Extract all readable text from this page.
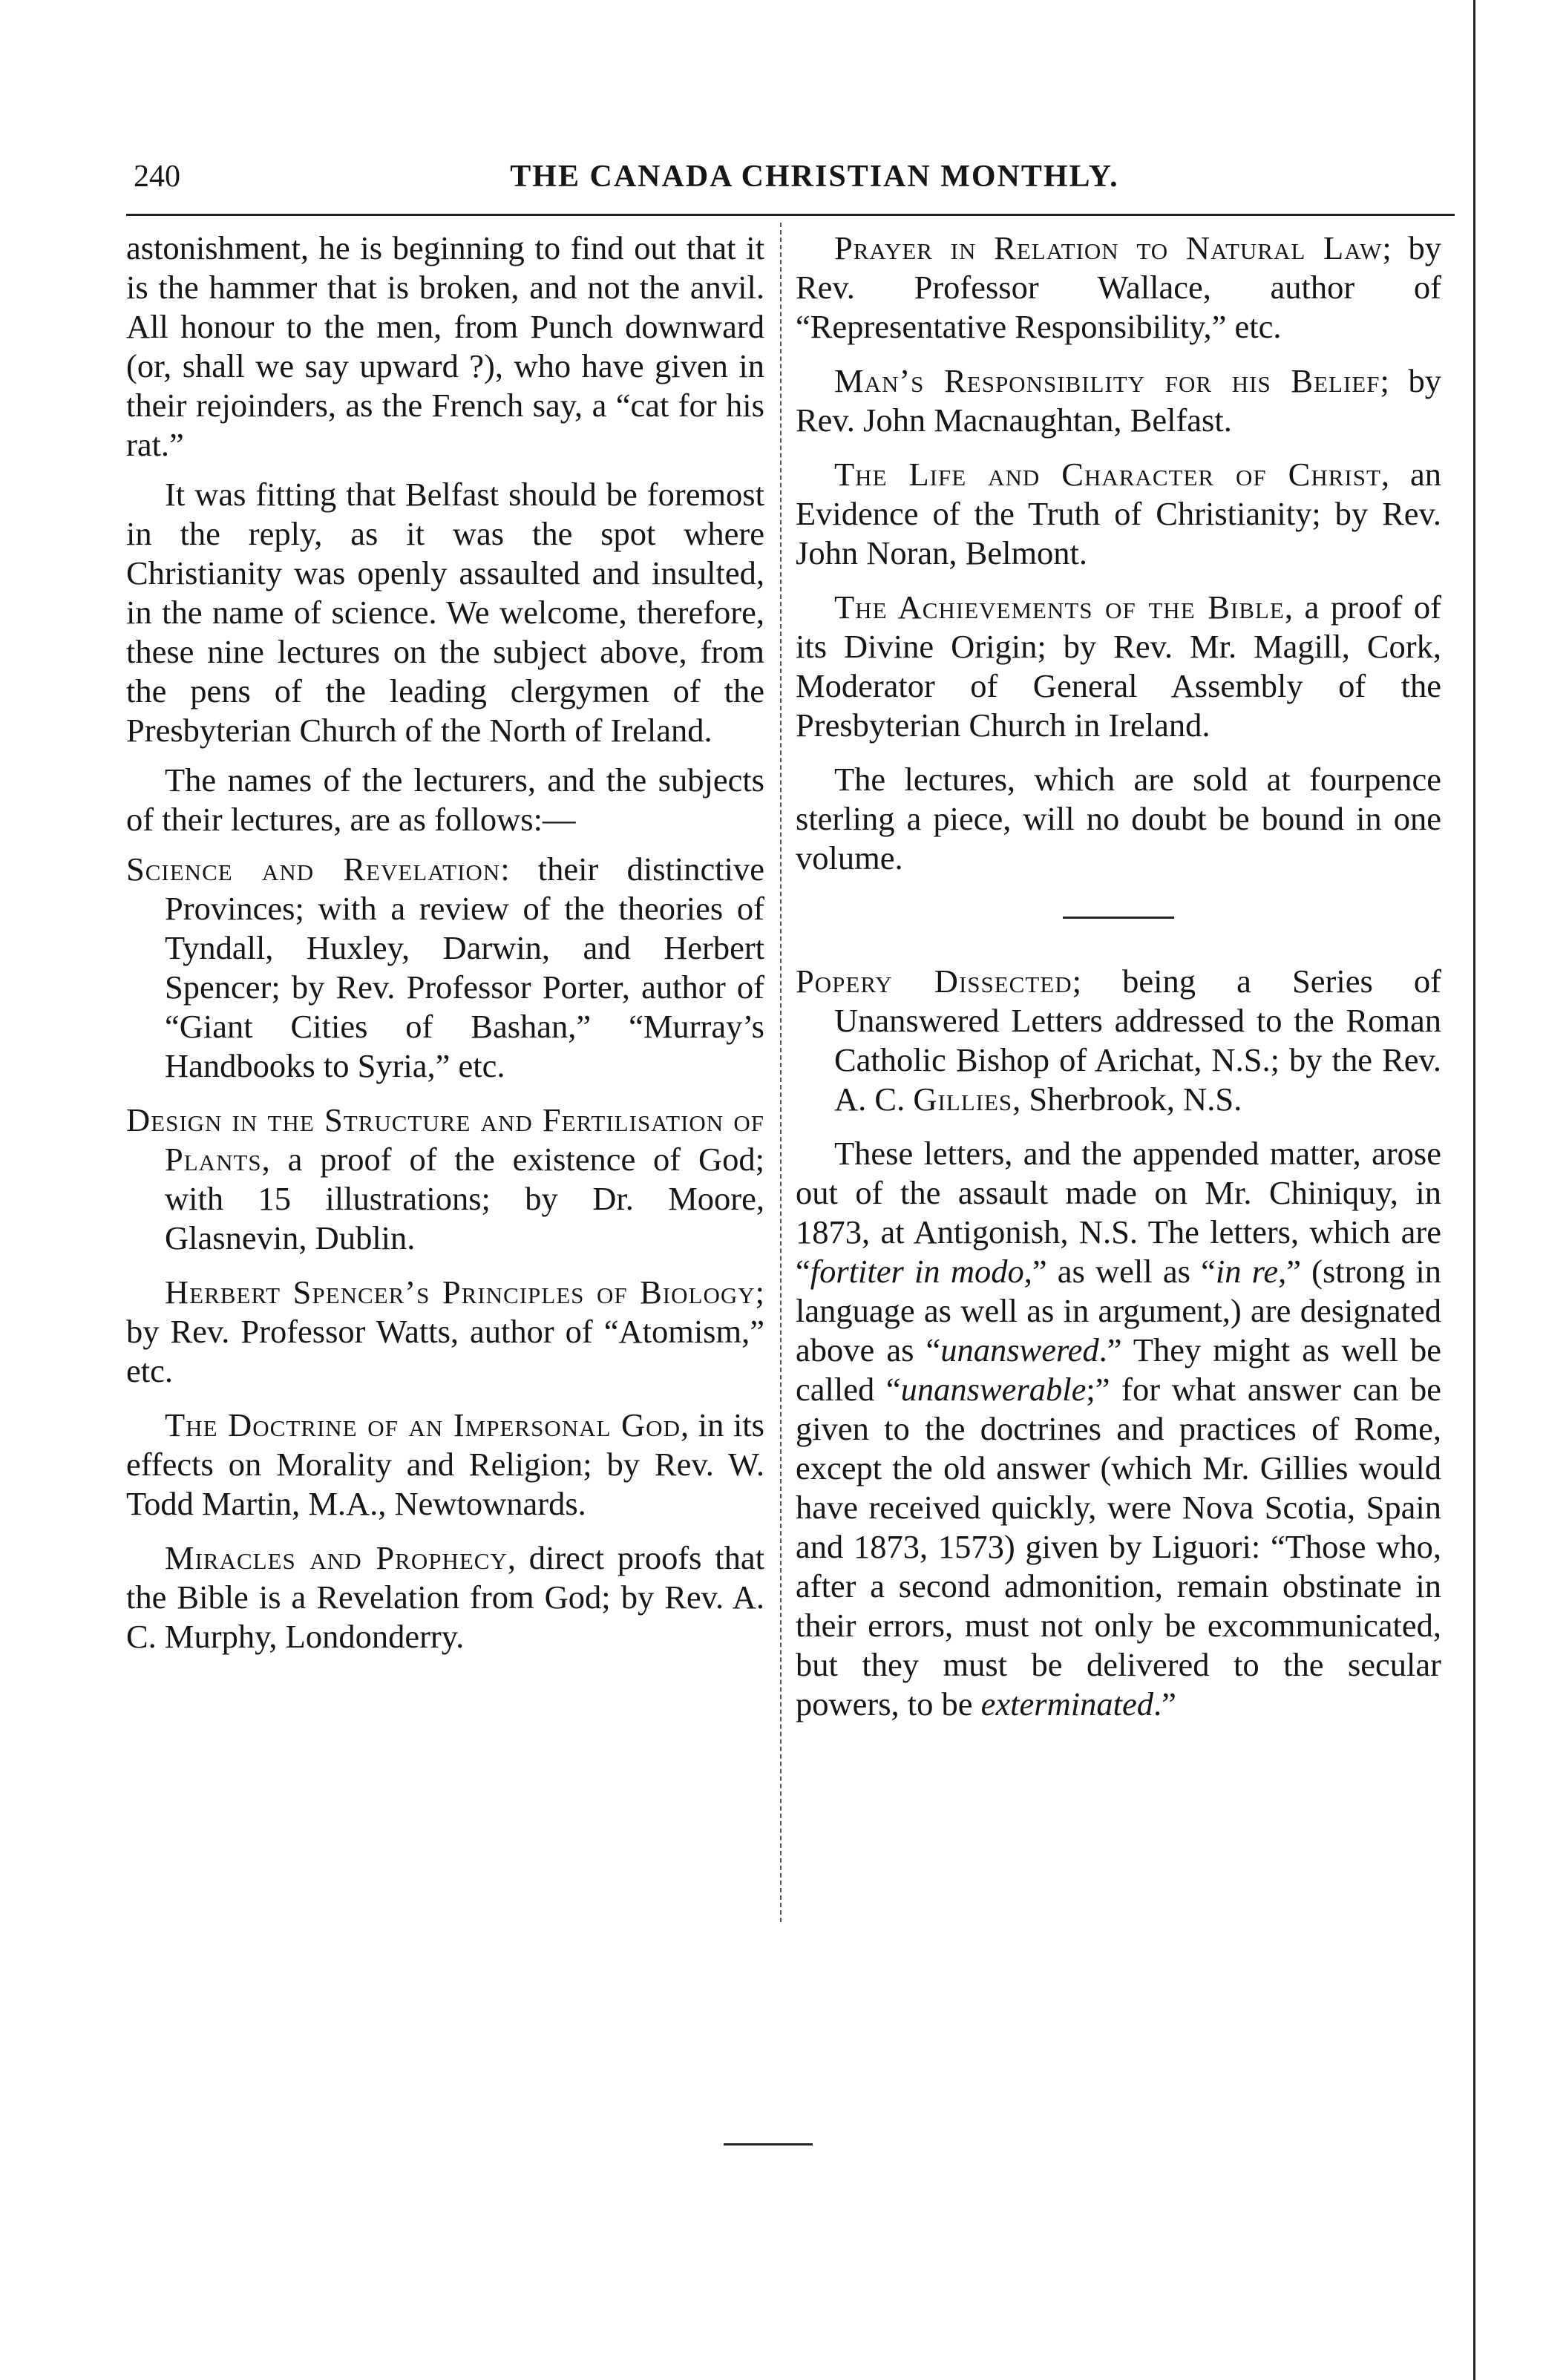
240	THE CANADA CHRISTIAN MONTHLY.

astonishment, he is beginning to find out that it is the hammer that is broken, and not the anvil. All honour to the men, from Punch downward (or, shall we say upward ?), who have given in their rejoinders, as the French say, a “cat for his rat.”

It was fitting that Belfast should be foremost in the reply, as it was the spot where Christianity was openly assaulted and insulted, in the name of science. We welcome, therefore, these nine lectures on the subject above, from the pens of the leading clergymen of the Presbyterian Church of the North of Ireland.

The names of the lecturers, and the subjects of their lectures, are as follows:—

Science and Revelation: their distinctive Provinces; with a review of the theories of Tyndall, Huxley, Darwin, and Herbert Spencer; by Rev. Professor Porter, author of “Giant Cities of Bashan,” “Murray’s Handbooks to Syria,” etc.

Design in the Structure and Fertilisation of Plants, a proof of the existence of God; with 15 illustrations; by Dr. Moore, Glasnevin, Dublin.

Herbert Spencer’s Principles of Biology; by Rev. Professor Watts, author of “Atomism,” etc.

The Doctrine of an Impersonal God, in its effects on Morality and Religion; by Rev. W. Todd Martin, M.A., Newtownards.

Miracles and Prophecy, direct proofs that the Bible is a Revelation from God; by Rev. A. C. Murphy, Londonderry.

Prayer in Relation to Natural Law; by Rev. Professor Wallace, author of “Representative Responsibility,” etc.

Man’s Responsibility for his Belief; by Rev. John Macnaughtan, Belfast.

The Life and Character of Christ, an Evidence of the Truth of Christianity; by Rev. John Noran, Belmont.

The Achievements of the Bible, a proof of its Divine Origin; by Rev. Mr. Magill, Cork, Moderator of General Assembly of the Presbyterian Church in Ireland.

The lectures, which are sold at fourpence sterling a piece, will no doubt be bound in one volume.

Popery Dissected; being a Series of Unanswered Letters addressed to the Roman Catholic Bishop of Arichat, N.S.; by the Rev. A. C. Gillies, Sherbrook, N.S.

These letters, and the appended matter, arose out of the assault made on Mr. Chiniquy, in 1873, at Antigonish, N.S. The letters, which are “fortiter in modo,” as well as “in re,” (strong in language as well as in argument,) are designated above as “unanswered.” They might as well be called “unanswerable;” for what answer can be given to the doctrines and practices of Rome, except the old answer (which Mr. Gillies would have received quickly, were Nova Scotia, Spain and 1873, 1573) given by Liguori: “Those who, after a second admonition, remain obstinate in their errors, must not only be excommunicated, but they must be delivered to the secular powers, to be exterminated.”
